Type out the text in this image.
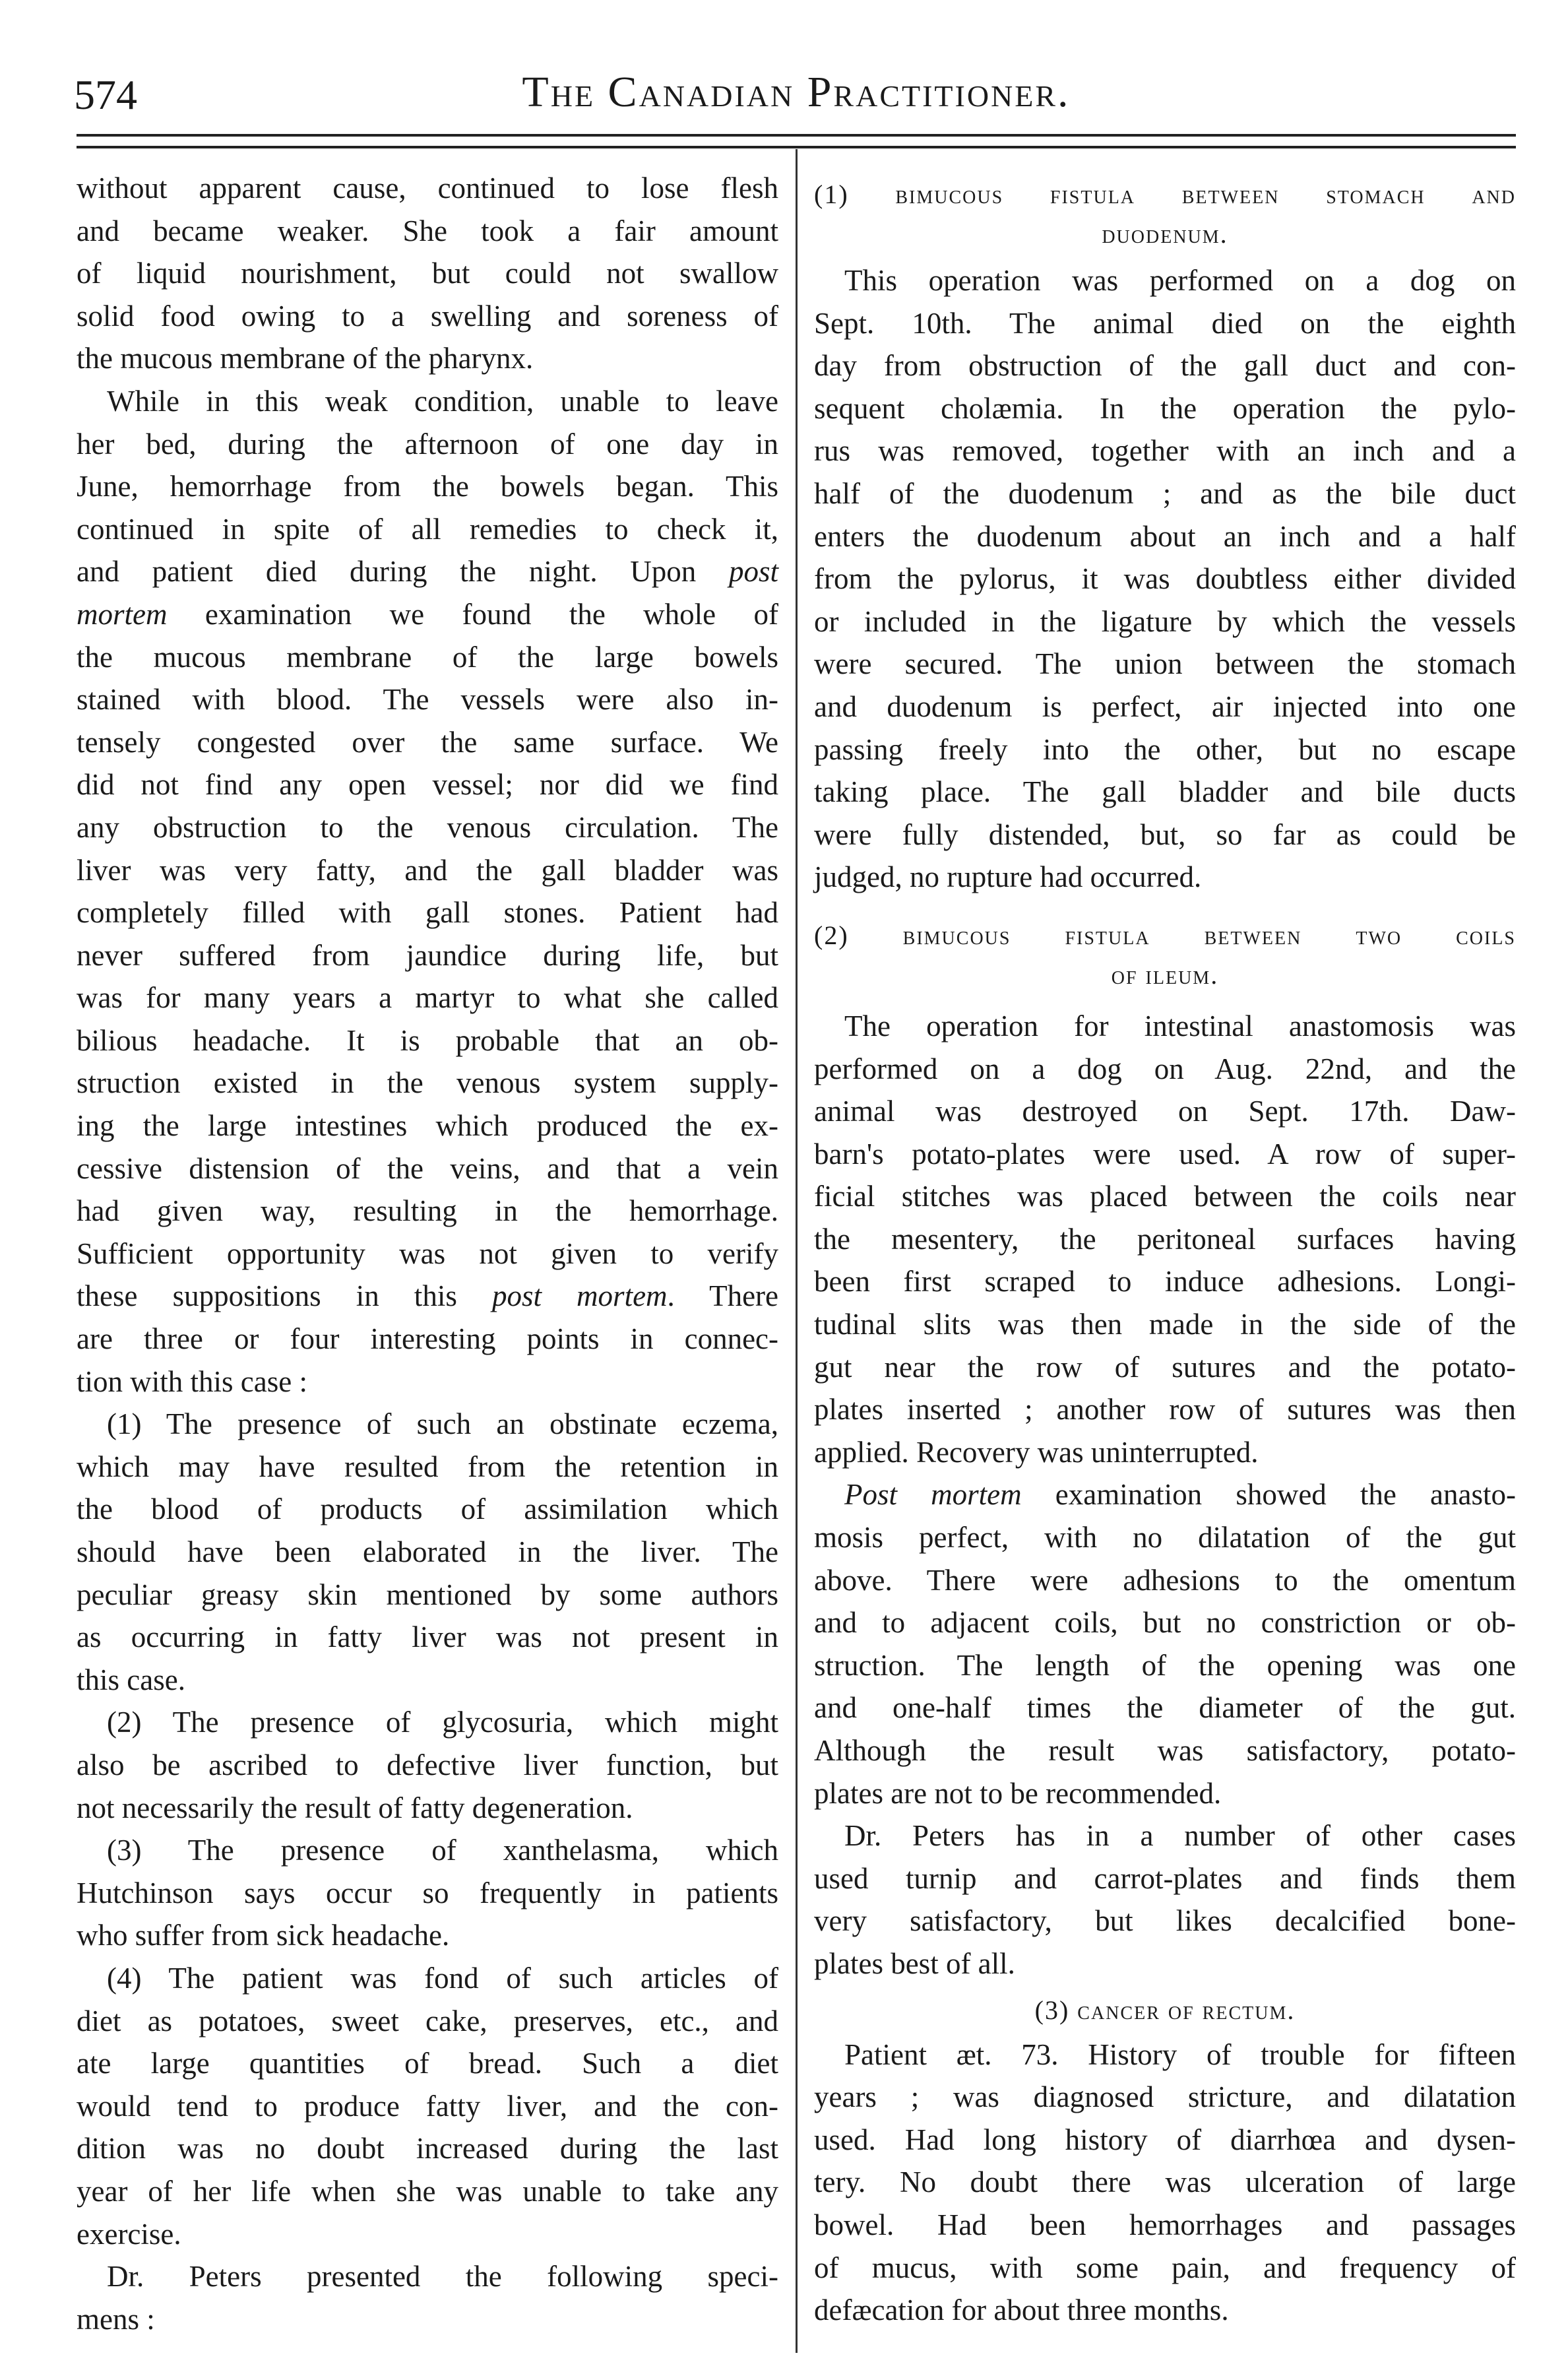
574	The Canadian Practitioner.
without apparent cause, continued to lose flesh
and became weaker. She took a fair amount
of liquid nourishment, but could not swallow
solid food owing to a swelling and soreness of
the mucous membrane of the pharynx.
While in this weak condition, unable to leave
her bed, during the afternoon of one day in
June, hemorrhage from the bowels began. This
continued in spite of all remedies to check it,
and patient died during the night. Upon post
mortem examination we found the whole of
the mucous membrane of the large bowels
stained with blood. The vessels were also in-
tensely congested over the same surface. We
did not find any open vessel; nor did we find
any obstruction to the venous circulation. The
liver was very fatty, and the gall bladder was
completely filled with gall stones. Patient had
never suffered from jaundice during life, but
was for many years a martyr to what she called
bilious headache. It is probable that an ob-
struction existed in the venous system supply-
ing the large intestines which produced the ex-
cessive distension of the veins, and that a vein
had given way, resulting in the hemorrhage.
Sufficient opportunity was not given to verify
these suppositions in this post mortem. There
are three or four interesting points in connec-
tion with this case :
(1) The presence of such an obstinate eczema,
which may have resulted from the retention in
the blood of products of assimilation which
should have been elaborated in the liver. The
peculiar greasy skin mentioned by some authors
as occurring in fatty liver was not present in
this case.
(2) The presence of glycosuria, which might
also be ascribed to defective liver function, but
not necessarily the result of fatty degeneration.
(3) The presence of xanthelasma, which
Hutchinson says occur so frequently in patients
who suffer from sick headache.
(4) The patient was fond of such articles of
diet as potatoes, sweet cake, preserves, etc., and
ate large quantities of bread. Such a diet
would tend to produce fatty liver, and the con-
dition was no doubt increased during the last
year of her life when she was unable to take any
exercise.
Dr. Peters presented the following speci-
mens :
(1) bimucous fistula between stomach and
duodenum.
This operation was performed on a dog on
Sept. 10th. The animal died on the eighth
day from obstruction of the gall duct and con-
sequent cholæmia. In the operation the pylo-
rus was removed, together with an inch and a
half of the duodenum ; and as the bile duct
enters the duodenum about an inch and a half
from the pylorus, it was doubtless either divided
or included in the ligature by which the vessels
were secured. The union between the stomach
and duodenum is perfect, air injected into one
passing freely into the other, but no escape
taking place. The gall bladder and bile ducts
were fully distended, but, so far as could be
judged, no rupture had occurred.
(2) bimucous fistula between two coils
of ileum.
The operation for intestinal anastomosis was
performed on a dog on Aug. 22nd, and the
animal was destroyed on Sept. 17th. Daw-
barn's potato-plates were used. A row of super-
ficial stitches was placed between the coils near
the mesentery, the peritoneal surfaces having
been first scraped to induce adhesions. Longi-
tudinal slits was then made in the side of the
gut near the row of sutures and the potato-
plates inserted ; another row of sutures was then
applied. Recovery was uninterrupted.
Post mortem examination showed the anasto-
mosis perfect, with no dilatation of the gut
above. There were adhesions to the omentum
and to adjacent coils, but no constriction or ob-
struction. The length of the opening was one
and one-half times the diameter of the gut.
Although the result was satisfactory, potato-
plates are not to be recommended.
Dr. Peters has in a number of other cases
used turnip and carrot-plates and finds them
very satisfactory, but likes decalcified bone-
plates best of all.
(3) cancer of rectum.
Patient æt. 73. History of trouble for fifteen
years ; was diagnosed stricture, and dilatation
used. Had long history of diarrhœa and dysen-
tery. No doubt there was ulceration of large
bowel. Had been hemorrhages and passages
of mucus, with some pain, and frequency of
defæcation for about three months.
